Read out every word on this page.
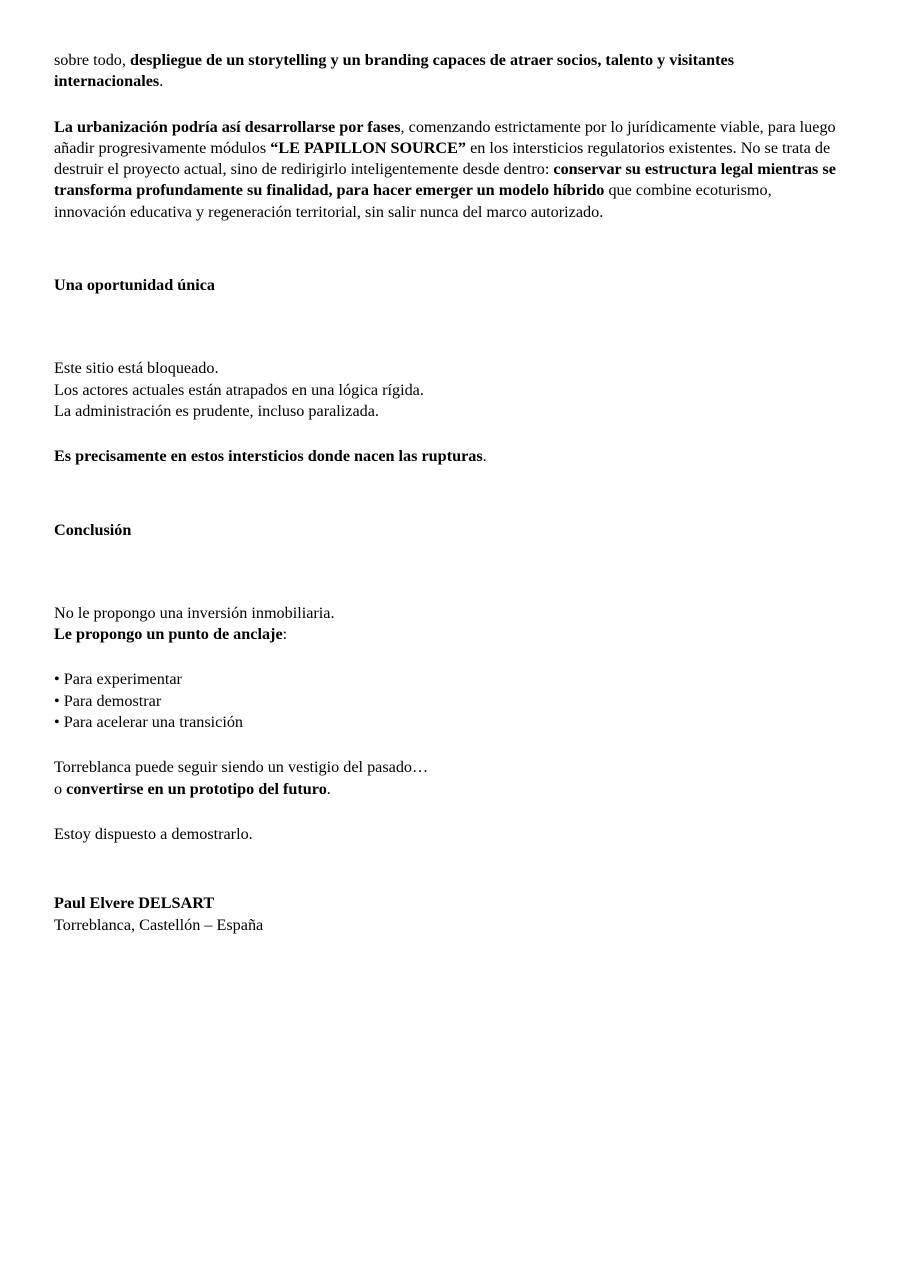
sobre todo, despliegue de un storytelling y un branding capaces de atraer socios, talento y visitantes internacionales.

La urbanización podría así desarrollarse por fases, comenzando estrictamente por lo jurídicamente viable, para luego añadir progresivamente módulos “LE PAPILLON SOURCE” en los intersticios regulatorios existentes. No se trata de destruir el proyecto actual, sino de redirigirlo inteligentemente desde dentro: conservar su estructura legal mientras se transforma profundamente su finalidad, para hacer emerger un modelo híbrido que combine ecoturismo, innovación educativa y regeneración territorial, sin salir nunca del marco autorizado.

Una oportunidad única
Este sitio está bloqueado.
Los actores actuales están atrapados en una lógica rígida.
La administración es prudente, incluso paralizada.

Es precisamente en estos intersticios donde nacen las rupturas.

Conclusión
No le propongo una inversión inmobiliaria.
Le propongo un punto de anclaje:
• Para experimentar
• Para demostrar
• Para acelerar una transición
Torreblanca puede seguir siendo un vestigio del pasado…
o convertirse en un prototipo del futuro.

Estoy dispuesto a demostrarlo.

Paul Elvere DELSART
Torreblanca, Castellón – España
